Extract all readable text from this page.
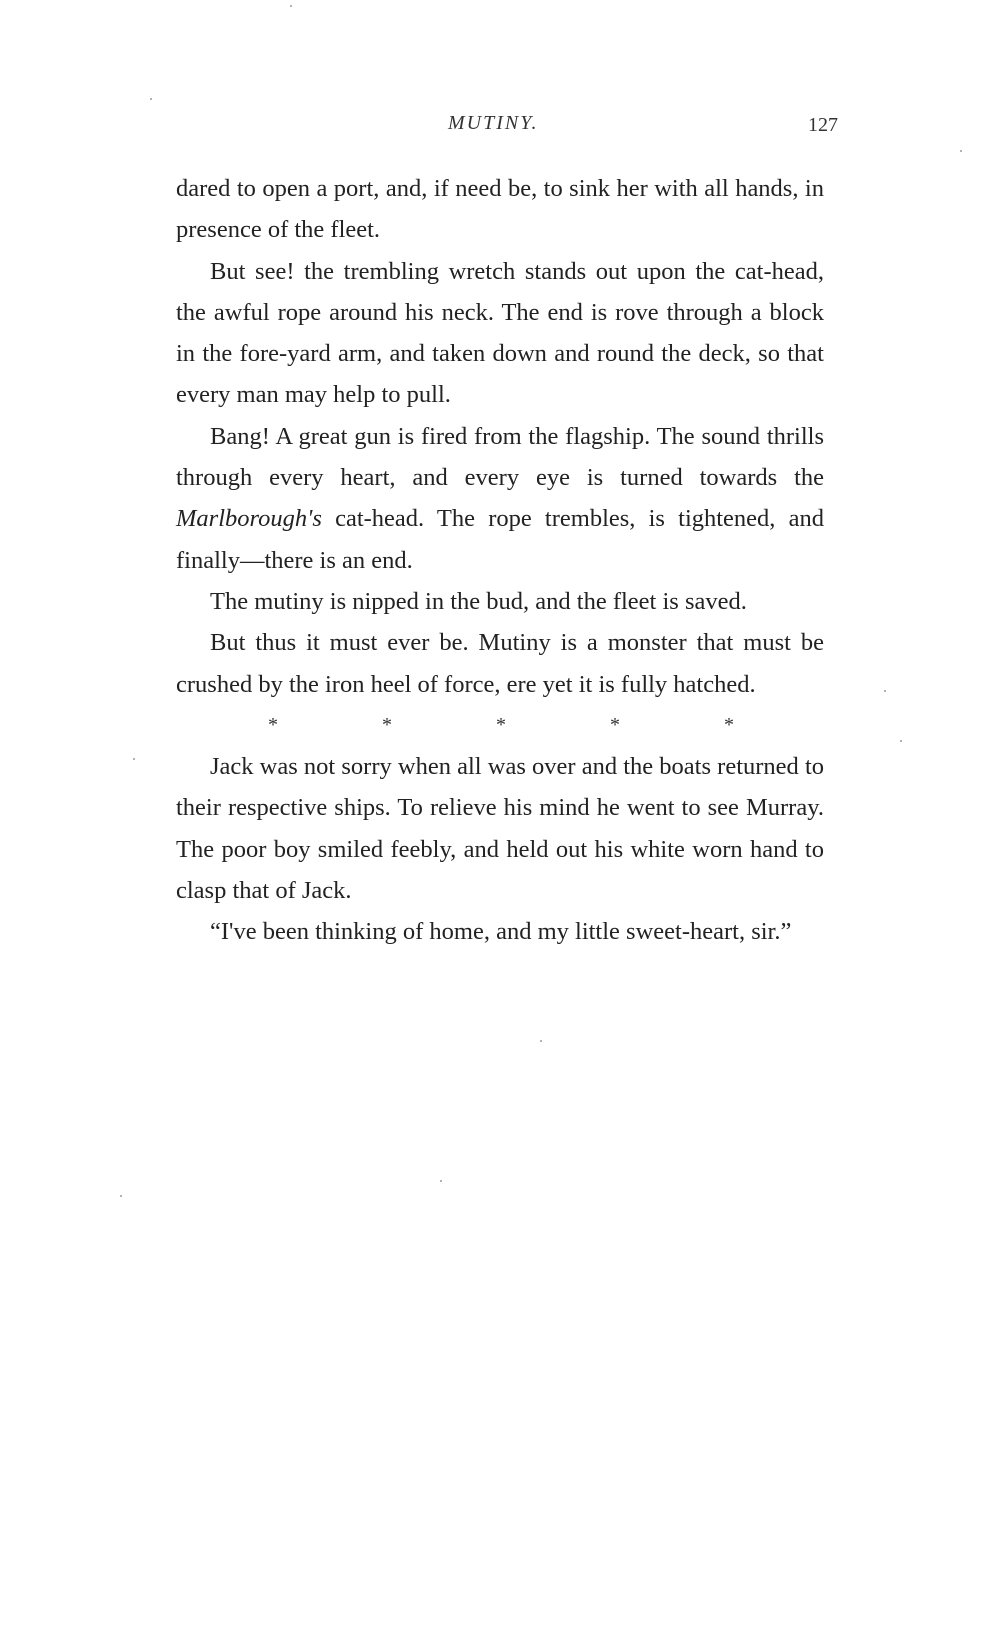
MUTINY.	127

dared to open a port, and, if need be, to sink her with all hands, in presence of the fleet.

But see! the trembling wretch stands out upon the cat-head, the awful rope around his neck. The end is rove through a block in the fore-yard arm, and taken down and round the deck, so that every man may help to pull.

Bang! A great gun is fired from the flagship. The sound thrills through every heart, and every eye is turned towards the Marlborough's cat-head. The rope trembles, is tightened, and finally—there is an end.

The mutiny is nipped in the bud, and the fleet is saved.

But thus it must ever be. Mutiny is a monster that must be crushed by the iron heel of force, ere yet it is fully hatched.

*	*	*	*	*

Jack was not sorry when all was over and the boats returned to their respective ships. To relieve his mind he went to see Murray. The poor boy smiled feebly, and held out his white worn hand to clasp that of Jack.

“I've been thinking of home, and my little sweet-heart, sir.”
